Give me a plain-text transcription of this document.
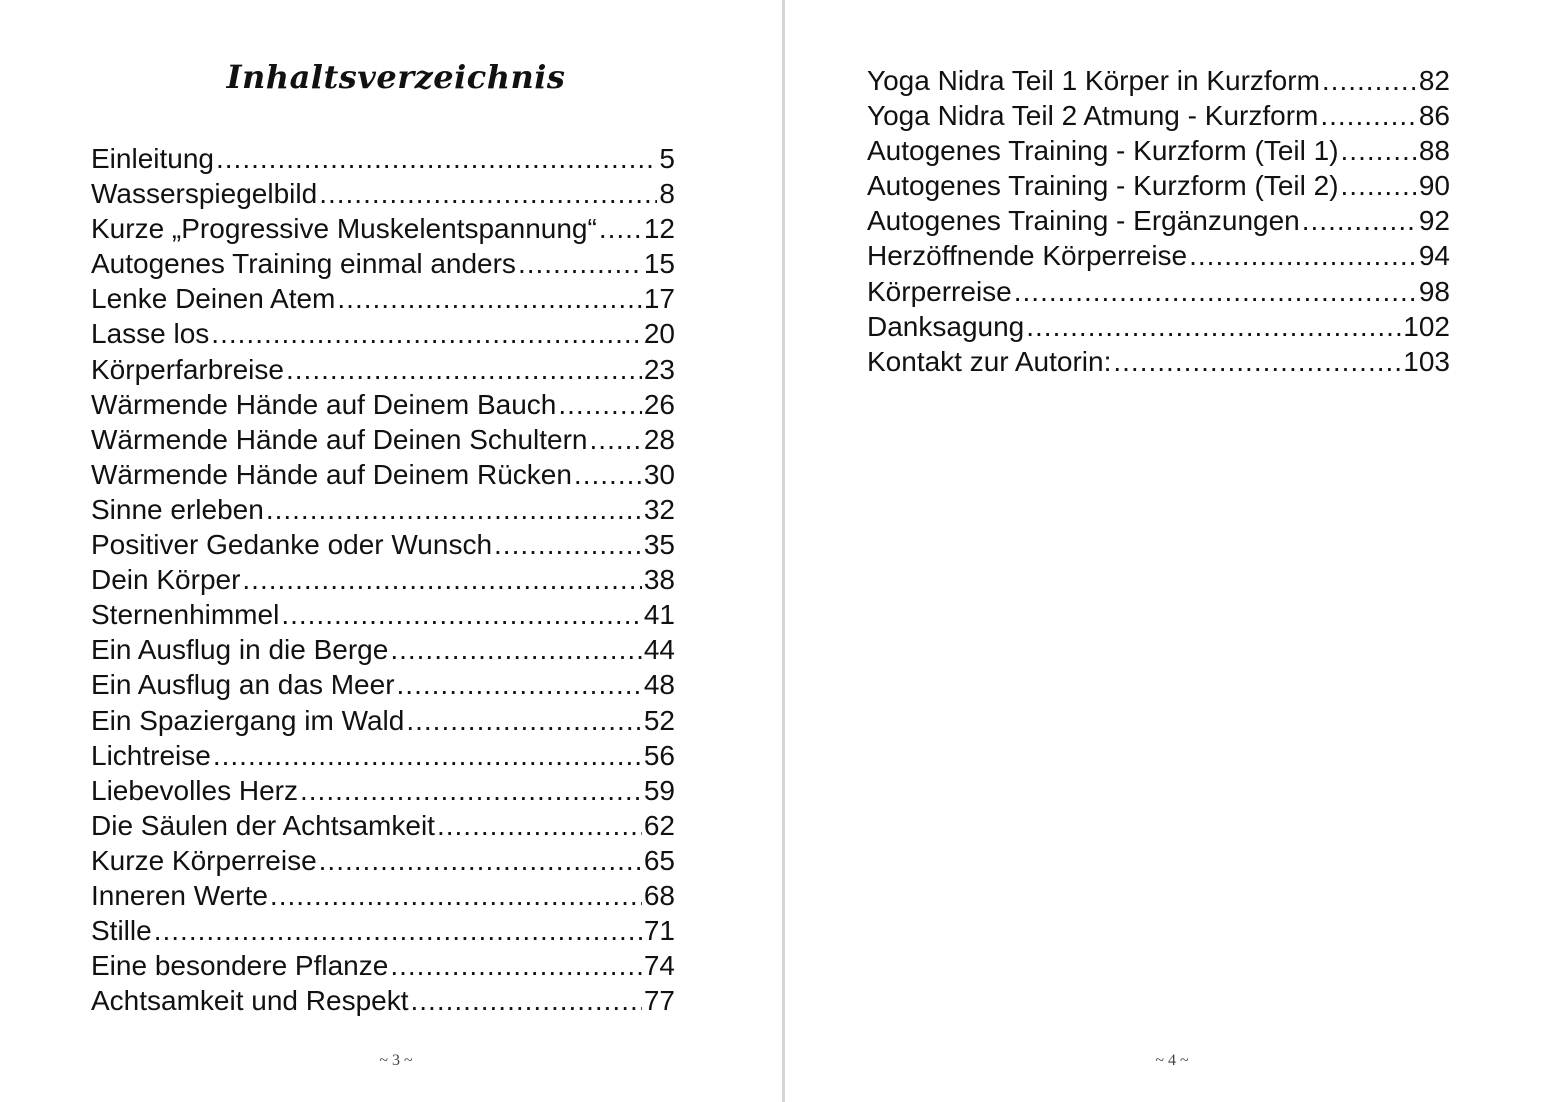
Inhaltsverzeichnis
Einleitung .....	5
Wasserspiegelbild .....	8
Kurze „Progressive Muskelentspannung“ ..... 12
Autogenes Training einmal anders .....	15
Lenke Deinen Atem .....	17
Lasse los .....	20
Körperfarbreise .....	23
Wärmende Hände auf Deinem Bauch .....	26
Wärmende Hände auf Deinen Schultern ..... 28
Wärmende Hände auf Deinem Rücken .....	30
Sinne erleben .....	32
Positiver Gedanke oder Wunsch .....	35
Dein Körper .....	38
Sternenhimmel .....	41
Ein Ausflug in die Berge .....	44
Ein Ausflug an das Meer .....	48
Ein Spaziergang im Wald .....	52
Lichtreise .....	56
Liebevolles Herz .....	59
Die Säulen der Achtsamkeit .....	62
Kurze Körperreise .....	65
Inneren Werte .....	68
Stille .....	71
Eine besondere Pflanze .....	74
Achtsamkeit und Respekt .....	77
~ 3 ~
Yoga Nidra Teil 1 Körper in Kurzform .....	82
Yoga Nidra Teil 2 Atmung - Kurzform .....	86
Autogenes Training - Kurzform (Teil 1) .....	88
Autogenes Training - Kurzform (Teil 2) .....	90
Autogenes Training - Ergänzungen .....	92
Herzöffnende Körperreise .....	94
Körperreise .....	98
Danksagung .....	102
Kontakt zur Autorin: .....	103
~ 4 ~
